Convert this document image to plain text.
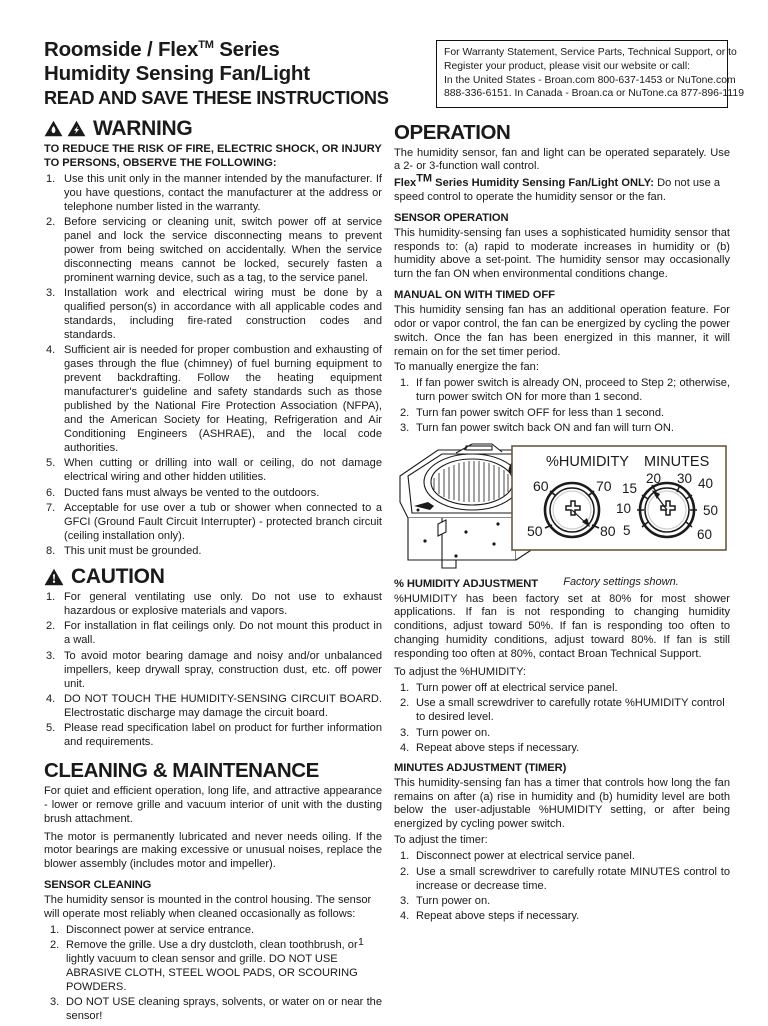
Roomside / Flex™ Series
Humidity Sensing Fan/Light
READ AND SAVE THESE INSTRUCTIONS

For Warranty Statement, Service Parts, Technical Support, or to

Register your product, please visit our website or call:

In the United States - Broan.com 800-637-1453 or NuTone.com

888-336-6151. In Canada - Broan.ca or NuTone.ca 877-896-1119

WARNING
TO REDUCE THE RISK OF FIRE, ELECTRIC SHOCK, OR INJURY TO PERSONS, OBSERVE THE FOLLOWING:
Use this unit only in the manner intended by the manufacturer. If you have questions, contact the manufacturer at the address or telephone number listed in the warranty.
Before servicing or cleaning unit, switch power off at service panel and lock the service disconnecting means to prevent power from being switched on accidentally. When the service disconnecting means cannot be locked, securely fasten a prominent warning device, such as a tag, to the service panel.
Installation work and electrical wiring must be done by a qualified person(s) in accordance with all applicable codes and standards, including fire-rated construction codes and standards.
Sufficient air is needed for proper combustion and exhausting of gases through the flue (chimney) of fuel burning equipment to prevent backdrafting. Follow the heating equipment manufacturer's guideline and safety standards such as those published by the National Fire Protection Association (NFPA), and the American Society for Heating, Refrigeration and Air Conditioning Engineers (ASHRAE), and the local code authorities.
When cutting or drilling into wall or ceiling, do not damage electrical wiring and other hidden utilities.
Ducted fans must always be vented to the outdoors.
Acceptable for use over a tub or shower when connected to a GFCI (Ground Fault Circuit Interrupter) - protected branch circuit (ceiling installation only).
This unit must be grounded.
CAUTION
For general ventilating use only. Do not use to exhaust hazardous or explosive materials and vapors.
For installation in flat ceilings only. Do not mount this product in a wall.
To avoid motor bearing damage and noisy and/or unbalanced impellers, keep drywall spray, construction dust, etc. off power unit.
DO NOT TOUCH THE HUMIDITY-SENSING CIRCUIT BOARD. Electrostatic discharge may damage the circuit board.
Please read specification label on product for further information and requirements.
CLEANING & MAINTENANCE

For quiet and efficient operation, long life, and attractive appearance - lower or remove grille and vacuum interior of unit with the dusting brush attachment.

The motor is permanently lubricated and never needs oiling. If the motor bearings are making excessive or unusual noises, replace the blower assembly (includes motor and impeller).

SENSOR CLEANING

The humidity sensor is mounted in the control housing. The sensor will operate most reliably when cleaned occasionally as follows:

Disconnect power at service entrance.
Remove the grille. Use a dry dustcloth, clean toothbrush, or lightly vacuum to clean sensor and grille. DO NOT USE ABRASIVE CLOTH, STEEL WOOL PADS, OR SCOURING POWDERS.
DO NOT USE cleaning sprays, solvents, or water on or near the sensor!
OPERATION

The humidity sensor, fan and light can be operated separately. Use a 2- or 3-function wall control.

FlexTM Series Humidity Sensing Fan/Light ONLY: Do not use a speed control to operate the humidity sensor or the fan.

SENSOR OPERATION

This humidity-sensing fan uses a sophisticated humidity sensor that responds to: (a) rapid to moderate increases in humidity or (b) humidity above a set-point. The humidity sensor may occasionally turn the fan ON when environmental conditions change.

MANUAL ON WITH TIMED OFF

This humidity sensing fan has an additional operation feature. For odor or vapor control, the fan can be energized by cycling the power switch. Once the fan has been energized in this manner, it will remain on for the set timer period.

To manually energize the fan:

If fan power switch is already ON, proceed to Step 2; otherwise, turn power switch ON for more than 1 second.
Turn fan power switch OFF for less than 1 second.
Turn fan power switch back ON and fan will turn ON.
%HUMIDITY MINUTES
60	70
50	80
15
20 30 40
10	50
5	60
Factory settings shown.
% HUMIDITY ADJUSTMENT

%HUMIDITY has been factory set at 80% for most shower applications. If fan is not responding to changing humidity conditions, adjust toward 50%. If fan is responding too often to changing humidity conditions, adjust toward 80%. If fan is still responding too often at 80%, contact Broan Technical Support.

To adjust the %HUMIDITY:

Turn power off at electrical service panel.
Use a small screwdriver to carefully rotate %HUMIDITY control to desired level.
Turn power on.
Repeat above steps if necessary.
MINUTES ADJUSTMENT (TIMER)

This humidity-sensing fan has a timer that controls how long the fan remains on after (a) rise in humidity and (b) humidity level are both below the user-adjustable %HUMIDITY setting, or after being energized by cycling power switch.

To adjust the timer:

Disconnect power at electrical service panel.
Use a small screwdriver to carefully rotate MINUTES control to increase or decrease time.
Turn power on.
Repeat above steps if necessary.
1
